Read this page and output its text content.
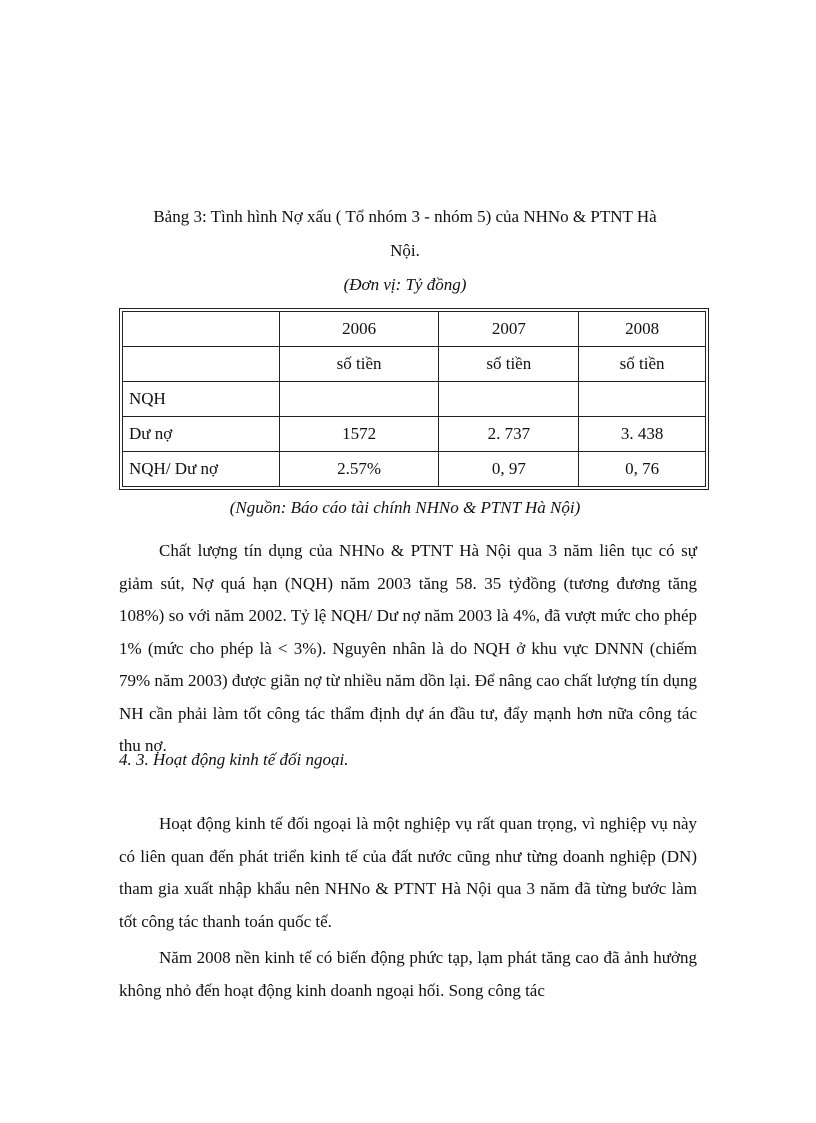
Bảng 3: Tình hình Nợ xấu ( Tổ nhóm 3 - nhóm 5) của NHNo & PTNT Hà
Nội.
(Đơn vị: Tỷ đồng)
	2006	2007	2008
	số tiền	số tiền	số tiền
NQH			
Dư nợ	1572	2. 737	3. 438
NQH/ Dư nợ	2.57%	0, 97	0, 76
(Nguồn: Báo cáo tài chính NHNo & PTNT Hà Nội)

Chất lượng tín dụng của NHNo & PTNT Hà Nội qua 3 năm liên tục có sự giảm sút, Nợ quá hạn (NQH) năm 2003 tăng 58. 35 tỷđồng (tương đương tăng 108%) so với năm 2002. Tỷ lệ NQH/ Dư nợ năm 2003 là 4%, đã vượt mức cho phép 1% (mức cho phép là < 3%). Nguyên nhân là do NQH ở khu vực DNNN (chiếm 79% năm 2003) được giãn nợ từ nhiều năm dồn lại. Để nâng cao chất lượng tín dụng NH cần phải làm tốt công tác thẩm định dự án đầu tư, đẩy mạnh hơn nữa công tác thu nợ.

4. 3. Hoạt động kinh tế đối ngoại.

Hoạt động kinh tế đối ngoại là một nghiệp vụ rất quan trọng, vì nghiệp vụ này có liên quan đến phát triển kinh tế của đất nước cũng như từng doanh nghiệp (DN) tham gia xuất nhập khẩu nên NHNo & PTNT Hà Nội qua 3 năm đã từng bước làm tốt công tác thanh toán quốc tế.

Năm 2008 nền kinh tế có biến động phức tạp, lạm phát tăng cao đã ảnh hưởng không nhỏ đến hoạt động kinh doanh ngoại hối. Song công tác
